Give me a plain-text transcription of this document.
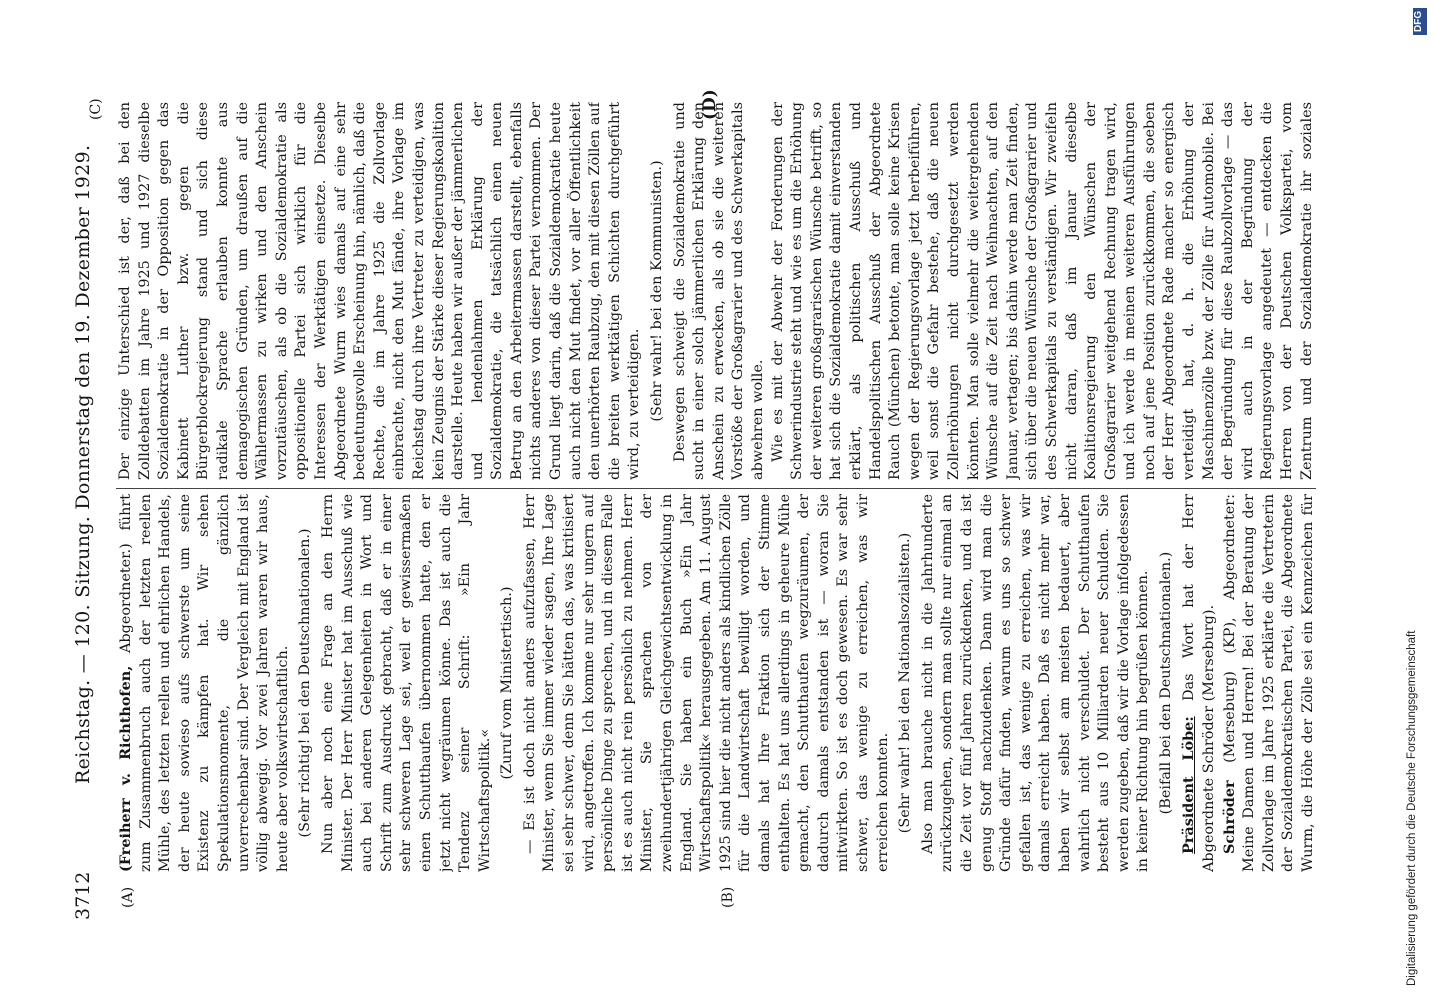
3712
Reichstag. — 120. Sitzung. Donnerstag den 19. Dezember 1929.
(A)	(B)
(C)	(D)

(Freiherr v. Richthofen, Abgeordneter.) führt zum Zusammenbruch auch der letzten reellen Mühle, des letzten reellen und ehrlichen Handels, der heute sowieso aufs schwerste um seine Existenz zu kämpfen hat. Wir sehen Spekulationsmomente, die gänzlich unverrechenbar sind. Der Vergleich mit England ist völlig abwegig. Vor zwei Jahren waren wir haus, heute aber volkswirtschaftlich. (Sehr richtig! bei den Deutschnationalen.) Nun aber noch eine Frage an den Herrn Minister. Der Herr Minister hat im Ausschuß wie auch bei anderen Gelegenheiten in Wort und Schrift zum Ausdruck gebracht, daß er in einer sehr schweren Lage sei, weil er gewissermaßen einen Schutthaufen übernommen hatte, den er jetzt nicht wegräumen könne. Das ist auch die Tendenz seiner Schrift: »Ein Jahr Wirtschaftspolitik.«

(Zuruf vom Ministertisch.) — Es ist doch nicht anders aufzufassen, Herr Minister, wenn Sie immer wieder sagen, Ihre Lage sei sehr schwer, denn Sie hätten das, was kritisiert wird, angetroffen. Ich komme nur sehr ungern auf persönliche Dinge zu sprechen, und in diesem Falle ist es auch nicht rein persönlich zu nehmen. Herr Minister, Sie sprachen von der zweihundertjährigen Gleichgewichtsentwicklung in England. Sie haben ein Buch »Ein Jahr Wirtschaftspolitik« herausgegeben. Am 11. August 1925 sind hier die nicht anders als kindlichen Zölle für die Landwirtschaft bewilligt worden, und damals hat Ihre Fraktion sich der Stimme enthalten. Es hat uns allerdings in geheure Mühe gemacht, den Schutthaufen wegzuräumen, der dadurch damals entstanden ist — woran Sie mitwirkten. So ist es doch gewesen. Es war sehr schwer, das wenige zu erreichen, was wir erreichen konnten. (Sehr wahr! bei den Nationalsozialisten.) Also man brauche nicht in die Jahrhunderte zurückzugehen, sondern man sollte nur einmal an die Zeit vor fünf Jahren zurückdenken, und da ist genug Stoff nachzudenken. Dann wird man die Gründe dafür finden, warum es uns so schwer gefallen ist, das wenige zu erreichen, was wir damals erreicht haben. Daß es nicht mehr war, haben wir selbst am meisten bedauert, aber wahrlich nicht verschuldet. Der Schutthaufen besteht aus 10 Milliarden neuer Schulden. Sie werden zugeben, daß wir die Vorlage infolgedessen in keiner Richtung hin begrüßen können. (Beifall bei den Deutschnationalen.) Präsident Löbe: Das Wort hat der Herr Abgeordnete Schröder (Merseburg). Schröder (Merseburg) (KP), Abgeordneter: Meine Damen und Herren! Bei der Beratung der Zollvorlage im Jahre 1925 erklärte die Vertreterin der Sozialdemokratischen Partei, die Abgeordnete Wurm, die Höhe der Zölle sei ein Kennzeichen für

Der einzige Unterschied ist der, daß bei den Zolldebatten im Jahre 1925 und 1927 dieselbe Sozialdemokratie in der Opposition gegen das Kabinett Luther bzw. gegen die Bürgerblockregierung stand und sich diese radikale Sprache erlauben konnte aus demagogischen Gründen, um draußen auf die Wählermassen zu wirken und den Anschein vorzutäuschen, als ob die Sozialdemokratie als oppositionelle Partei sich wirklich für die Interessen der Werktätigen einsetze. Dieselbe Abgeordnete Wurm wies damals auf eine sehr bedeutungsvolle Erscheinung hin, nämlich, daß die Rechte, die im Jahre 1925 die Zollvorlage einbrachte, nicht den Mut fände, ihre Vorlage im Reichstag durch ihre Vertreter zu verteidigen, was kein Zeugnis der Stärke dieser Regierungskoalition darstelle. Heute haben wir außer der jämmerlichen und lendenlahmen Erklärung der Sozialdemokratie, die tatsächlich einen neuen Betrug an den Arbeitermassen darstellt, ebenfalls nichts anderes von dieser Partei vernommen. Der Grund liegt darin, daß die Sozialdemokratie heute auch nicht den Mut findet, vor aller Öffentlichkeit den unerhörten Raubzug, den mit diesen Zöllen auf die breiten werktätigen Schichten durchgeführt wird, zu verteidigen. (Sehr wahr! bei den Kommunisten.) Deswegen schweigt die Sozialdemokratie und sucht in einer solch jämmerlichen Erklärung den Anschein zu erwecken, als ob sie die weiteren Vorstöße der Großagrarier und des Schwerkapitals abwehren wolle. Wie es mit der Abwehr der Forderungen der Schwerindustrie steht und wie es um die Erhöhung der weiteren großagrarischen Wünsche betrifft, so hat sich die Sozialdemokratie damit einverstanden erklärt, als politischen Ausschuß und Handelspolitischen Ausschuß der Abgeordnete Rauch (München) betonte, man solle keine Krisen wegen der Regierungsvorlage jetzt herbeiführen, weil sonst die Gefahr bestehe, daß die neuen Zollerhöhungen nicht durchgesetzt werden könnten. Man solle vielmehr die weitergehenden Wünsche auf die Zeit nach Weihnachten, auf den Januar, vertagen; bis dahin werde man Zeit finden, sich über die neuen Wünsche der Großagrarier und des Schwerkapitals zu verständigen. Wir zweifeln nicht daran, daß im Januar dieselbe Koalitionsregierung den Wünschen der Großagrarier weitgehend Rechnung tragen wird, und ich werde in meinen weiteren Ausführungen noch auf jene Position zurückkommen, die soeben der Herr Abgeordnete Rade macher so energisch verteidigt hat, d. h. die Erhöhung der Maschinenzölle bzw. der Zölle für Automobile. Bei der Begründung für diese Raubzollvorlage — das wird auch in der Begründung der Regierungsvorlage angedeutet — entdecken die Herren von der Deutschen Volkspartei, vom Zentrum und der Sozialdemokratie ihr soziales

Digitalisierung gefördert durch die Deutsche Forschungsgemeinschaft
DFG
